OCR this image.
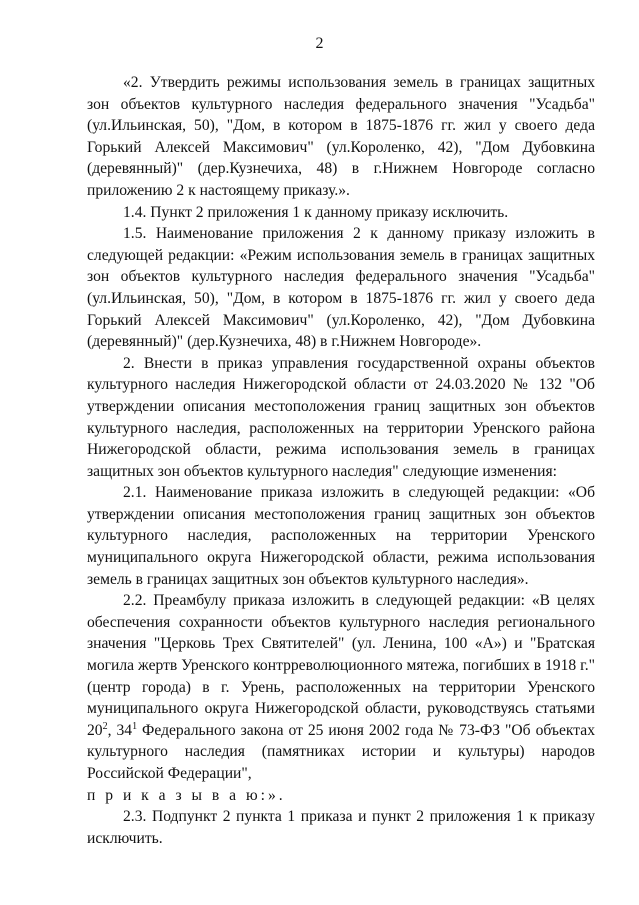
2

«2. Утвердить режимы использования земель в границах защитных зон объектов культурного наследия федерального значения "Усадьба" (ул.Ильинская, 50), "Дом, в котором в 1875-1876 гг. жил у своего деда Горький Алексей Максимович" (ул.Короленко, 42), "Дом Дубовкина (деревянный)" (дер.Кузнечиха, 48) в г.Нижнем Новгороде согласно приложению 2 к настоящему приказу.».

1.4. Пункт 2 приложения 1 к данному приказу исключить.

1.5. Наименование приложения 2 к данному приказу изложить в следующей редакции: «Режим использования земель в границах защитных зон объектов культурного наследия федерального значения "Усадьба" (ул.Ильинская, 50), "Дом, в котором в 1875-1876 гг. жил у своего деда Горький Алексей Максимович" (ул.Короленко, 42), "Дом Дубовкина (деревянный)" (дер.Кузнечиха, 48) в г.Нижнем Новгороде».

2. Внести в приказ управления государственной охраны объектов культурного наследия Нижегородской области от 24.03.2020 № 132 "Об утверждении описания местоположения границ защитных зон объектов культурного наследия, расположенных на территории Уренского района Нижегородской области, режима использования земель в границах защитных зон объектов культурного наследия" следующие изменения:

2.1. Наименование приказа изложить в следующей редакции: «Об утверждении описания местоположения границ защитных зон объектов культурного наследия, расположенных на территории Уренского муниципального округа Нижегородской области, режима использования земель в границах защитных зон объектов культурного наследия».

2.2. Преамбулу приказа изложить в следующей редакции: «В целях обеспечения сохранности объектов культурного наследия регионального значения "Церковь Трех Святителей" (ул. Ленина, 100 «А») и "Братская могила жертв Уренского контрреволюционного мятежа, погибших в 1918 г." (центр города) в г. Урень, расположенных на территории Уренского муниципального округа Нижегородской области, руководствуясь статьями $20^2$, $34^1$ Федерального закона от 25 июня 2002 года № 73-ФЗ "Об объектах культурного наследия (памятниках истории и культуры) народов Российской Федерации",
п р и к а з ы в а ю:».

2.3. Подпункт 2 пункта 1 приказа и пункт 2 приложения 1 к приказу исключить.
